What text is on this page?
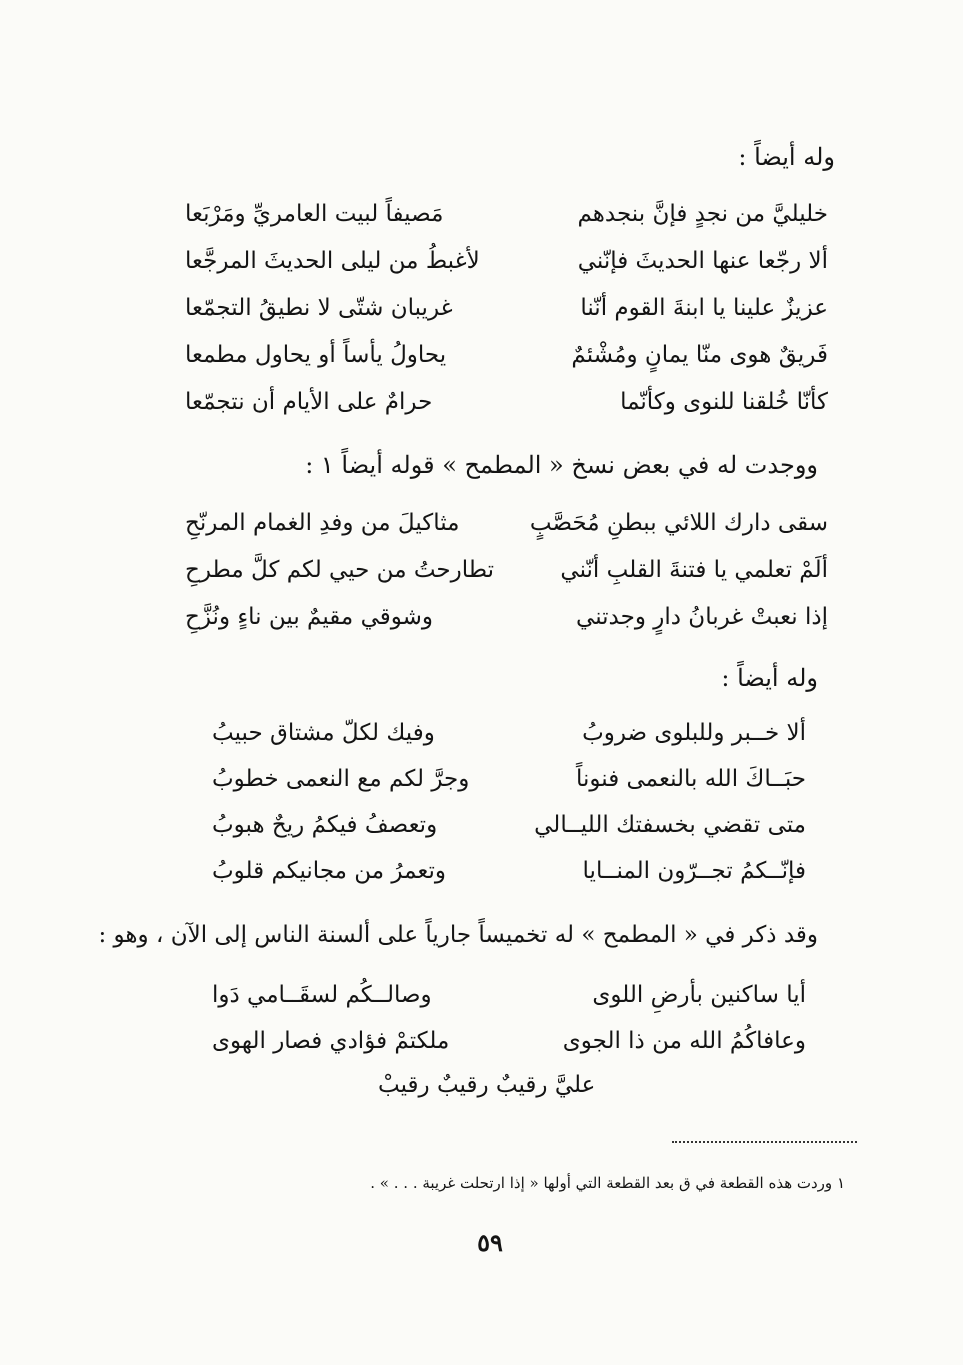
وله أيضاً :
خليليَّ من نجدٍ فإنَّ بنجدهم
مَصيفاً لبيت العامريِّ ومَرْبَعا
ألا رجّعا عنها الحديثَ فإنّني
لأغبطُ من ليلى الحديثَ المرجَّعا
عزيزٌ علينا يا ابنةَ القوم أنّنا
غريبان شتّى لا نطيقُ التجمّعا
فَريقٌ هوى منّا يمانٍ ومُشْئمٌ
يحاولُ يأساً أو يحاول مطمعا
كأنّا خُلقنا للنوى وكأنّما
حرامٌ على الأيام أن نتجمّعا
ووجدت له في بعض نسخ « المطمح » قوله أيضاً ١ :
سقى دارك اللائي ببطنِ مُحَصَّبٍ
مثاكيلَ من وفدِ الغمام المرنّحِ
ألَمْ تعلمي يا فتنةَ القلبِ أنّني
تطارحتُ من حيي لكم كلَّ مطرحِ
إذا نعبتْ غربانُ دارٍ وجدتني
وشوقي مقيمٌ بين ناءٍ ونُزَّحِ
وله أيضاً :
ألا خــبر وللبلوى ضروبُ
وفيك لكلّ مشتاق حبيبُ
حبَــاكَ الله بالنعمى فنوناً
وجرَّ لكم مع النعمى خطوبُ
متى تقضي بخسفتك الليــالي
وتعصفُ فيكمُ ريحٌ هبوبُ
فإنّــكمُ تجــرّون المنــايا
وتعمرُ من مجانيكم قلوبُ
وقد ذكر في « المطمح » له تخميساً جارياً على ألسنة الناس إلى الآن ، وهو :
أيا ساكنين بأرضِ اللوى
وصالــكُم لسقَــامي دَوا
وعافاكُمُ الله من ذا الجوى
ملكتمْ فؤادي فصار الهوى
عليَّ رقيبٌ رقيبٌ رقيبْ
١ وردت هذه القطعة في ق بعد القطعة التي أولها « إذا ارتحلت غريبة . . . » .
٥٩
